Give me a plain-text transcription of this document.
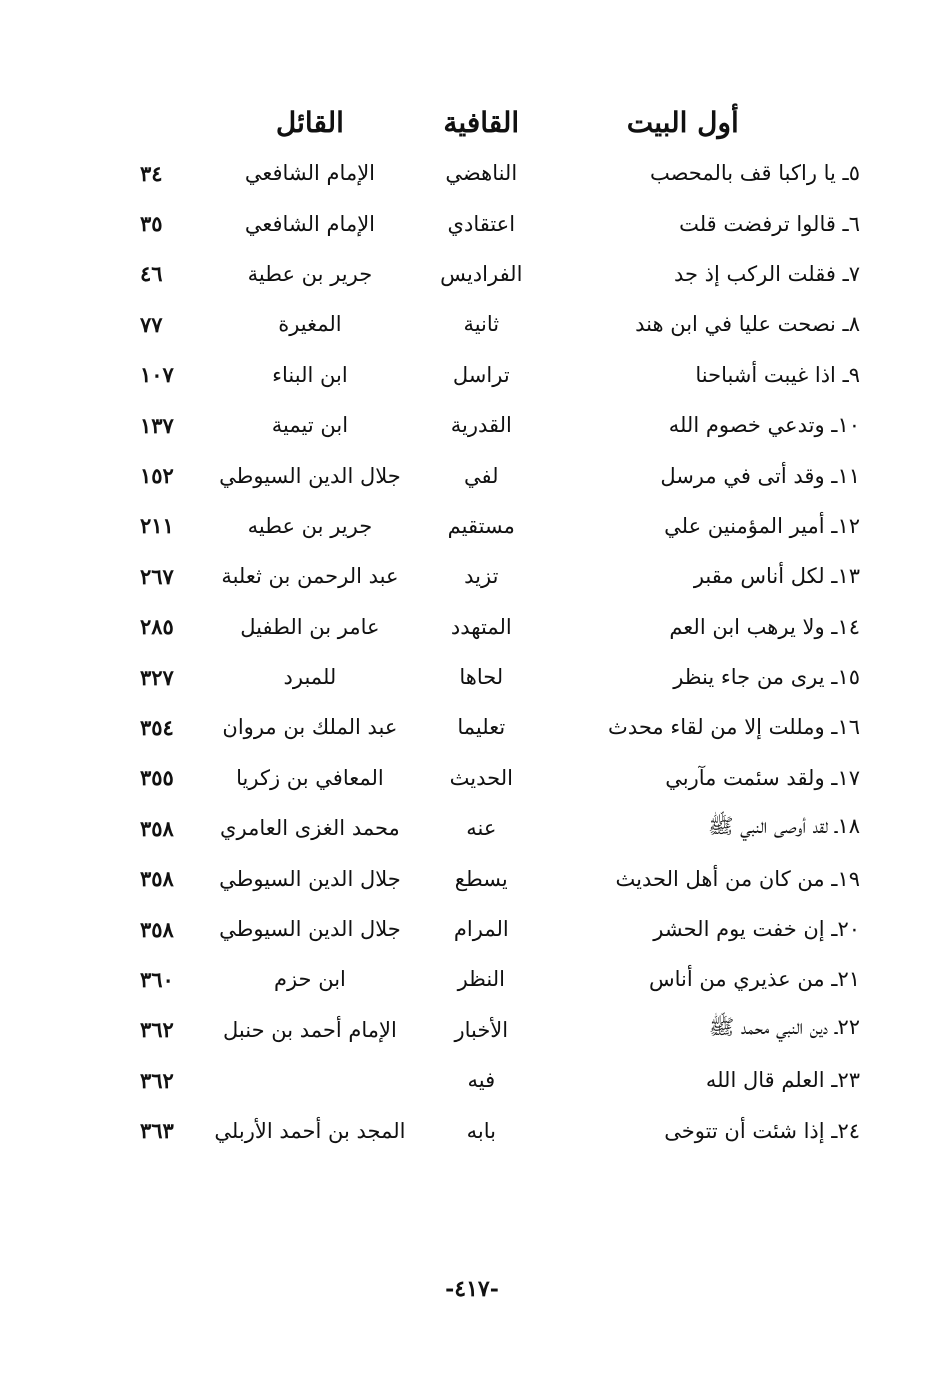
أول البيت	القافية	القائل	
٥ـ يا راكبا قف بالمحصب	الناهضي	الإمام الشافعي	٣٤
٦ـ قالوا ترفضت قلت	اعتقادي	الإمام الشافعي	٣٥
٧ـ فقلت الركب إذ جد	الفراديس	جرير بن عطية	٤٦
٨ـ نصحت عليا في ابن هند	ثانية	المغيرة	٧٧
٩ـ اذا غيبت أشباحنا	تراسل	ابن البناء	١٠٧
١٠ـ وتدعي خصوم الله	القدرية	ابن تيمية	١٣٧
١١ـ وقد أتى في مرسل	لفي	جلال الدين السيوطي	١٥٢
١٢ـ أمير المؤمنين علي	مستقيم	جرير بن عطيه	٢١١
١٣ـ لكل أناس مقبر	تزيد	عبد الرحمن بن ثعلبة	٢٦٧
١٤ـ ولا يرهب ابن العم	المتهدد	عامر بن الطفيل	٢٨٥
١٥ـ يرى من جاء ينظر	لحاها	للمبرد	٣٢٧
١٦ـ ومللت إلا من لقاء محدث	تعليما	عبد الملك بن مروان	٣٥٤
١٧ـ ولقد سئمت مآربي	الحديث	المعافي بن زكريا	٣٥٥
١٨ـ لقد أوصى النبي ﷺ	عنه	محمد الغزى العامري	٣٥٨
١٩ـ من كان من أهل الحديث	يسطع	جلال الدين السيوطي	٣٥٨
٢٠ـ إن خفت يوم الحشر	المرام	جلال الدين السيوطي	٣٥٨
٢١ـ من عذيري من أناس	النظر	ابن حزم	٣٦٠
٢٢ـ دين النبي محمد ﷺ	الأخبار	الإمام أحمد بن حنبل	٣٦٢
٢٣ـ العلم قال الله	فيه		٣٦٢
٢٤ـ إذا شئت أن تتوخى	بابه	المجد بن أحمد الأربلي	٣٦٣
-٤١٧-
